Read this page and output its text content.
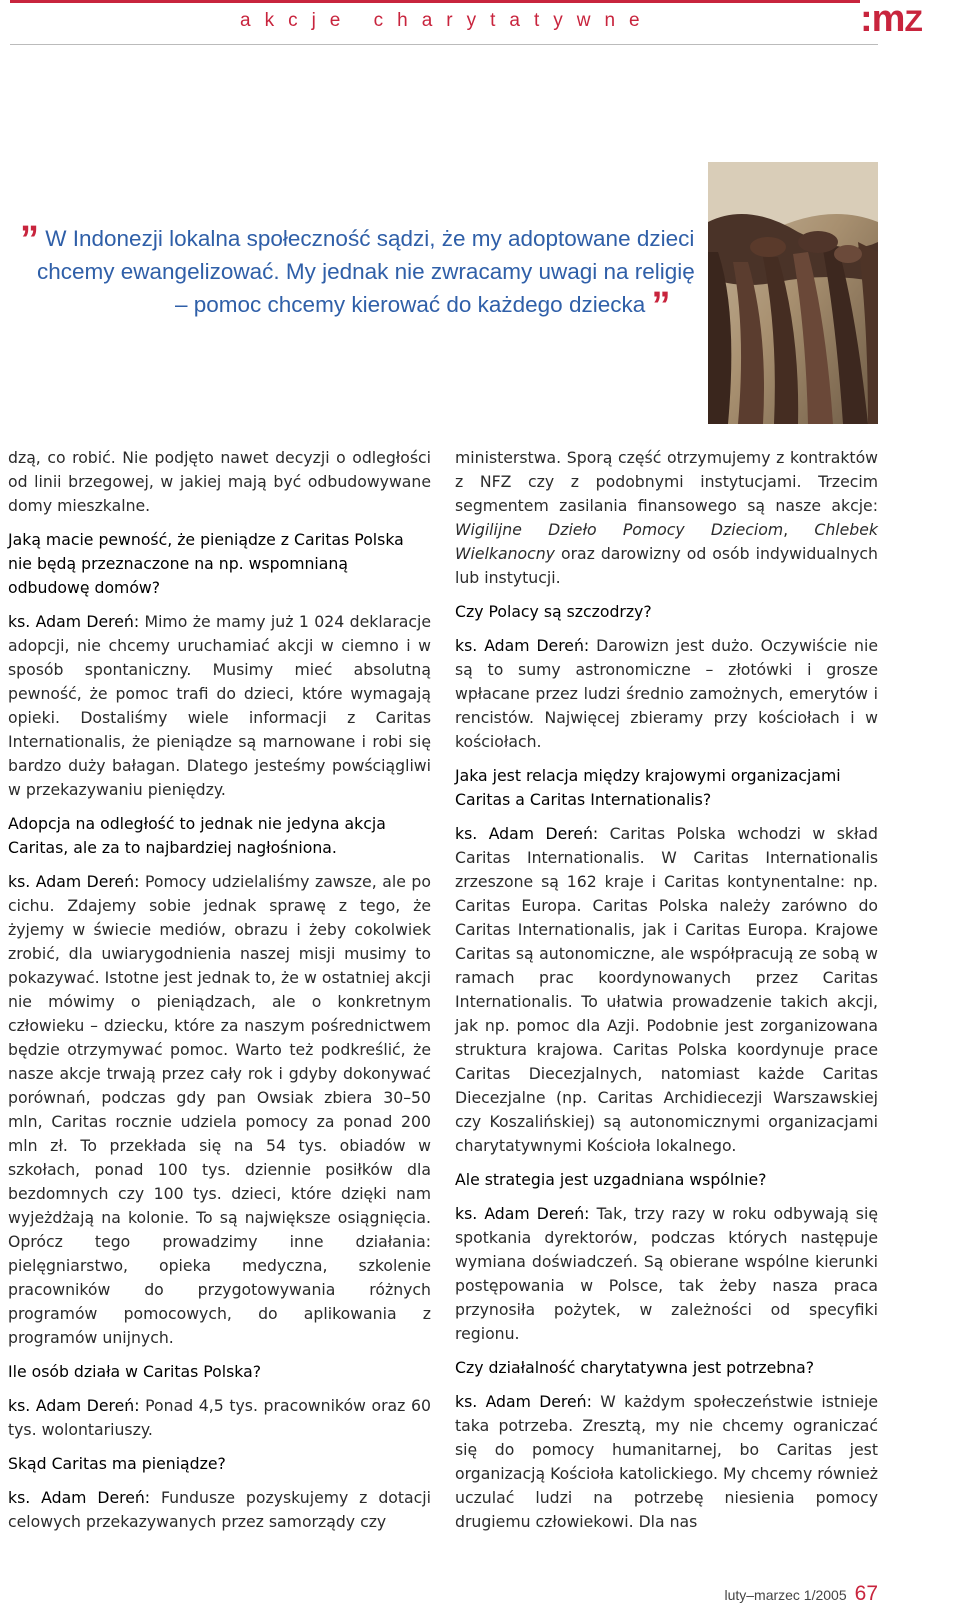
akcje charytatywne	:mZ
” W Indonezji lokalna społeczność sądzi, że my adoptowane dzieci
chcemy ewangelizować. My jednak nie zwracamy uwagi na religię
– pomoc chcemy kierować do każdego dziecka ”

dzą, co robić. Nie podjęto nawet decyzji o odległości od linii brzegowej, w jakiej mają być odbudowywane domy mieszkalne.

Jaką macie pewność, że pieniądze z Caritas Polska nie będą przeznaczone na np. wspomnianą odbudowę domów?

ks. Adam Dereń: Mimo że mamy już 1 024 deklaracje adopcji, nie chcemy uruchamiać akcji w ciemno i w sposób spontaniczny. Musimy mieć absolutną pewność, że pomoc trafi do dzieci, które wymagają opieki. Dostaliśmy wiele informacji z Caritas Internationalis, że pieniądze są marnowane i robi się bardzo duży bałagan. Dlatego jesteśmy powściągliwi w przekazywaniu pieniędzy.

Adopcja na odległość to jednak nie jedyna akcja Caritas, ale za to najbardziej nagłośniona.

ks. Adam Dereń: Pomocy udzielaliśmy zawsze, ale po cichu. Zdajemy sobie jednak sprawę z tego, że żyjemy w świecie mediów, obrazu i żeby cokolwiek zrobić, dla uwiarygodnienia naszej misji musimy to pokazywać. Istotne jest jednak to, że w ostatniej akcji nie mówimy o pieniądzach, ale o konkretnym człowieku – dziecku, które za naszym pośrednictwem będzie otrzymywać pomoc. Warto też podkreślić, że nasze akcje trwają przez cały rok i gdyby dokonywać porównań, podczas gdy pan Owsiak zbiera 30–50 mln, Caritas rocznie udziela pomocy za ponad 200 mln zł. To przekłada się na 54 tys. obiadów w szkołach, ponad 100 tys. dziennie posiłków dla bezdomnych czy 100 tys. dzieci, które dzięki nam wyjeżdżają na kolonie. To są największe osiągnięcia. Oprócz tego prowadzimy inne działania: pielęgniarstwo, opieka medyczna, szkolenie pracowników do przygotowywania różnych programów pomocowych, do aplikowania z programów unijnych.

Ile osób działa w Caritas Polska?

ks. Adam Dereń: Ponad 4,5 tys. pracowników oraz 60 tys. wolontariuszy.

Skąd Caritas ma pieniądze?

ks. Adam Dereń: Fundusze pozyskujemy z dotacji celowych przekazywanych przez samorządy czy

ministerstwa. Sporą część otrzymujemy z kontraktów z NFZ czy z podobnymi instytucjami. Trzecim segmentem zasilania finansowego są nasze akcje: Wigilijne Dzieło Pomocy Dzieciom, Chlebek Wielkanocny oraz darowizny od osób indywidualnych lub instytucji.

Czy Polacy są szczodrzy?

ks. Adam Dereń: Darowizn jest dużo. Oczywiście nie są to sumy astronomiczne – złotówki i grosze wpłacane przez ludzi średnio zamożnych, emerytów i rencistów. Najwięcej zbieramy przy kościołach i w kościołach.

Jaka jest relacja między krajowymi organizacjami Caritas a Caritas Internationalis?

ks. Adam Dereń: Caritas Polska wchodzi w skład Caritas Internationalis. W Caritas Internationalis zrzeszone są 162 kraje i Caritas kontynentalne: np. Caritas Europa. Caritas Polska należy zarówno do Caritas Internationalis, jak i Caritas Europa. Krajowe Caritas są autonomiczne, ale współpracują ze sobą w ramach prac koordynowanych przez Caritas Internationalis. To ułatwia prowadzenie takich akcji, jak np. pomoc dla Azji. Podobnie jest zorganizowana struktura krajowa. Caritas Polska koordynuje prace Caritas Diecezjalnych, natomiast każde Caritas Diecezjalne (np. Caritas Archidiecezji Warszawskiej czy Koszalińskiej) są autonomicznymi organizacjami charytatywnymi Kościoła lokalnego.

Ale strategia jest uzgadniana wspólnie?

ks. Adam Dereń: Tak, trzy razy w roku odbywają się spotkania dyrektorów, podczas których następuje wymiana doświadczeń. Są obierane wspólne kierunki postępowania w Polsce, tak żeby nasza praca przynosiła pożytek, w zależności od specyfiki regionu.

Czy działalność charytatywna jest potrzebna?

ks. Adam Dereń: W każdym społeczeństwie istnieje taka potrzeba. Zresztą, my nie chcemy ograniczać się do pomocy humanitarnej, bo Caritas jest organizacją Kościoła katolickiego. My chcemy również uczulać ludzi na potrzebę niesienia pomocy drugiemu człowiekowi. Dla nas

luty–marzec 1/2005 67
